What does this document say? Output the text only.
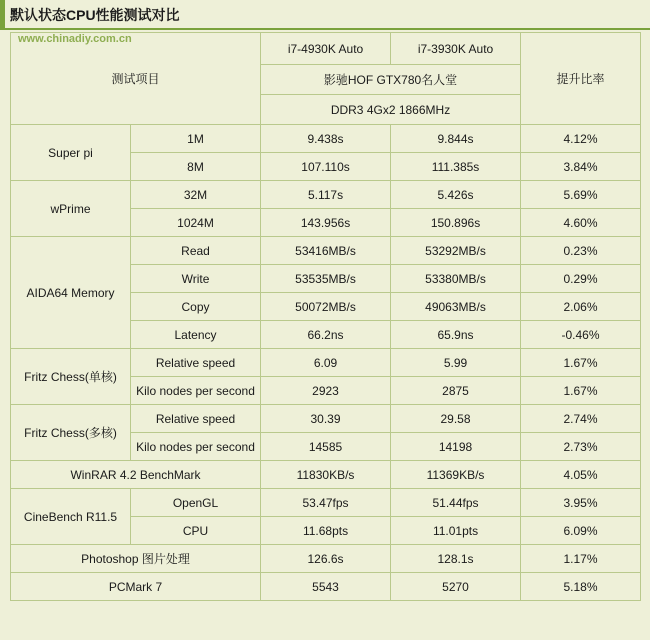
默认状态CPU性能测试对比
www.chinadiy.com.cn
测试项目		i7-4930K Auto	i7-3930K Auto	提升比率
		影驰HOF GTX780名人堂		
		DDR3 4Gx2 1866MHz		
Super pi	1M	9.438s	9.844s	4.12%
	8M	107.110s	111.385s	3.84%
wPrime	32M	5.117s	5.426s	5.69%
	1024M	143.956s	150.896s	4.60%
AIDA64 Memory	Read	53416MB/s	53292MB/s	0.23%
	Write	53535MB/s	53380MB/s	0.29%
	Copy	50072MB/s	49063MB/s	2.06%
	Latency	66.2ns	65.9ns	-0.46%
Fritz Chess(单核)	Relative speed	6.09	5.99	1.67%
	Kilo nodes per second	2923	2875	1.67%
Fritz Chess(多核)	Relative speed	30.39	29.58	2.74%
	Kilo nodes per second	14585	14198	2.73%
WinRAR 4.2 BenchMark		11830KB/s	11369KB/s	4.05%
CineBench R11.5	OpenGL	53.47fps	51.44fps	3.95%
	CPU	11.68pts	11.01pts	6.09%
Photoshop 图片处理		126.6s	128.1s	1.17%
PCMark 7		5543	5270	5.18%
